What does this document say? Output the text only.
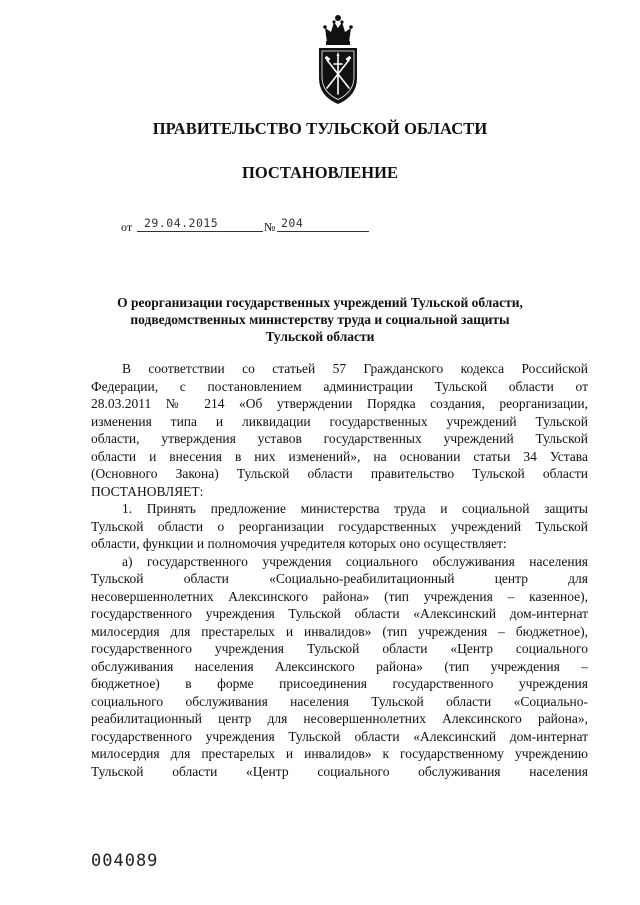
ПРАВИТЕЛЬСТВО ТУЛЬСКОЙ ОБЛАСТИ
ПОСТАНОВЛЕНИЕ
от 29.04.2015	№ 204
О реорганизации государственных учреждений Тульской области,
подведомственных министерству труда и социальной защиты
Тульской области
В соответствии со статьей 57 Гражданского кодекса Российской
Федерации, с постановлением администрации Тульской области от
28.03.2011 № 214 «Об утверждении Порядка создания, реорганизации,
изменения типа и ликвидации государственных учреждений Тульской
области, утверждения уставов государственных учреждений Тульской
области и внесения в них изменений», на основании статьи 34 Устава
(Основного Закона) Тульской области правительство Тульской области
ПОСТАНОВЛЯЕТ:
1. Принять предложение министерства труда и социальной защиты
Тульской области о реорганизации государственных учреждений Тульской
области, функции и полномочия учредителя которых оно осуществляет:
а) государственного учреждения социального обслуживания населения
Тульской области «Социально-реабилитационный центр для
несовершеннолетних Алексинского района» (тип учреждения – казенное),
государственного учреждения Тульской области «Алексинский дом-интернат
милосердия для престарелых и инвалидов» (тип учреждения – бюджетное),
государственного учреждения Тульской области «Центр социального
обслуживания населения Алексинского района» (тип учреждения –
бюджетное) в форме присоединения государственного учреждения
социального обслуживания населения Тульской области «Социально-
реабилитационный центр для несовершеннолетних Алексинского района»,
государственного учреждения Тульской области «Алексинский дом-интернат
милосердия для престарелых и инвалидов» к государственному учреждению
Тульской области «Центр социального обслуживания населения
004089
